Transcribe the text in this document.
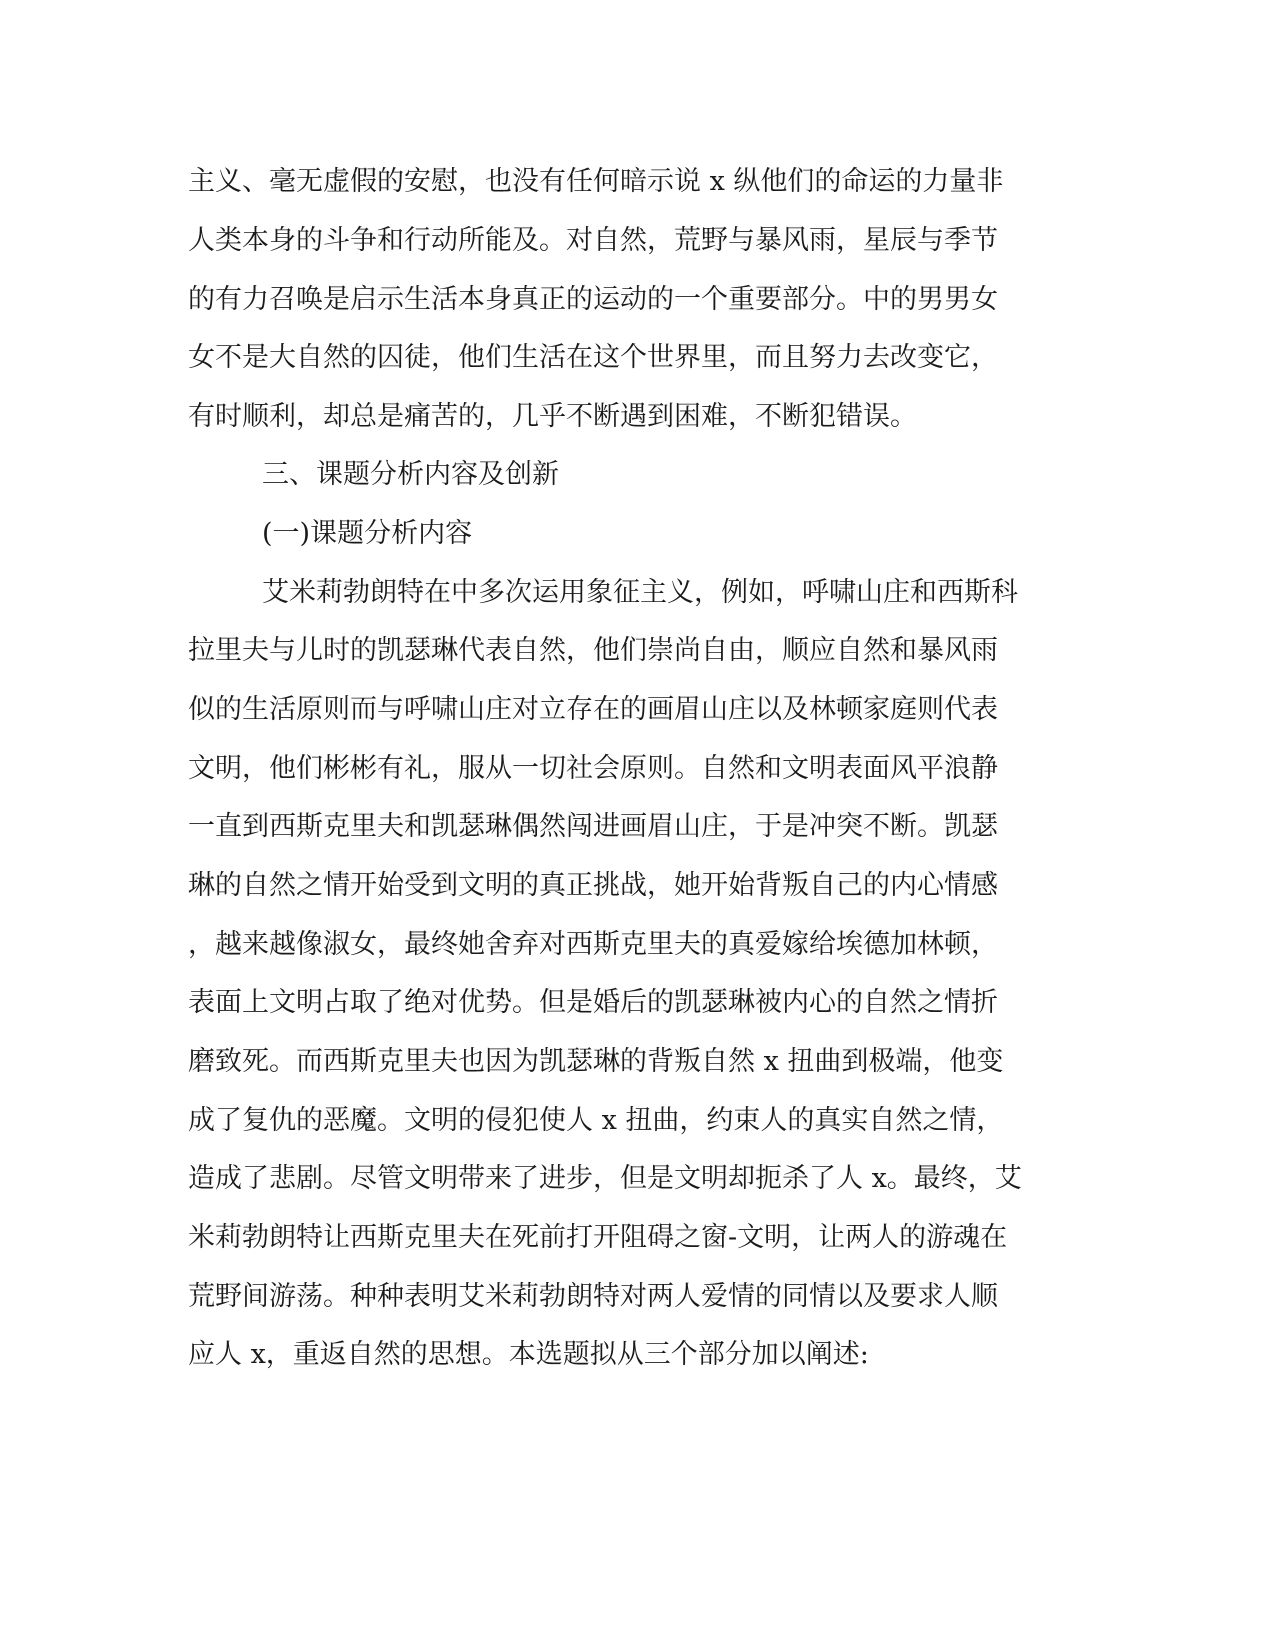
主义、毫无虚假的安慰，也没有任何暗示说 x 纵他们的命运的力量非
人类本身的斗争和行动所能及。对自然，荒野与暴风雨，星辰与季节
的有力召唤是启示生活本身真正的运动的一个重要部分。中的男男女
女不是大自然的囚徒，他们生活在这个世界里，而且努力去改变它，
有时顺利，却总是痛苦的，几乎不断遇到困难，不断犯错误。
三、课题分析内容及创新
(一)课题分析内容
艾米莉勃朗特在中多次运用象征主义，例如，呼啸山庄和西斯科
拉里夫与儿时的凯瑟琳代表自然，他们崇尚自由，顺应自然和暴风雨
似的生活原则而与呼啸山庄对立存在的画眉山庄以及林顿家庭则代表
文明，他们彬彬有礼，服从一切社会原则。自然和文明表面风平浪静
一直到西斯克里夫和凯瑟琳偶然闯进画眉山庄，于是冲突不断。凯瑟
琳的自然之情开始受到文明的真正挑战，她开始背叛自己的内心情感
，越来越像淑女，最终她舍弃对西斯克里夫的真爱嫁给埃德加林顿，
表面上文明占取了绝对优势。但是婚后的凯瑟琳被内心的自然之情折
磨致死。而西斯克里夫也因为凯瑟琳的背叛自然 x 扭曲到极端，他变
成了复仇的恶魔。文明的侵犯使人 x 扭曲，约束人的真实自然之情，
造成了悲剧。尽管文明带来了进步，但是文明却扼杀了人 x。最终，艾
米莉勃朗特让西斯克里夫在死前打开阻碍之窗-文明，让两人的游魂在
荒野间游荡。种种表明艾米莉勃朗特对两人爱情的同情以及要求人顺
应人 x，重返自然的思想。本选题拟从三个部分加以阐述:
